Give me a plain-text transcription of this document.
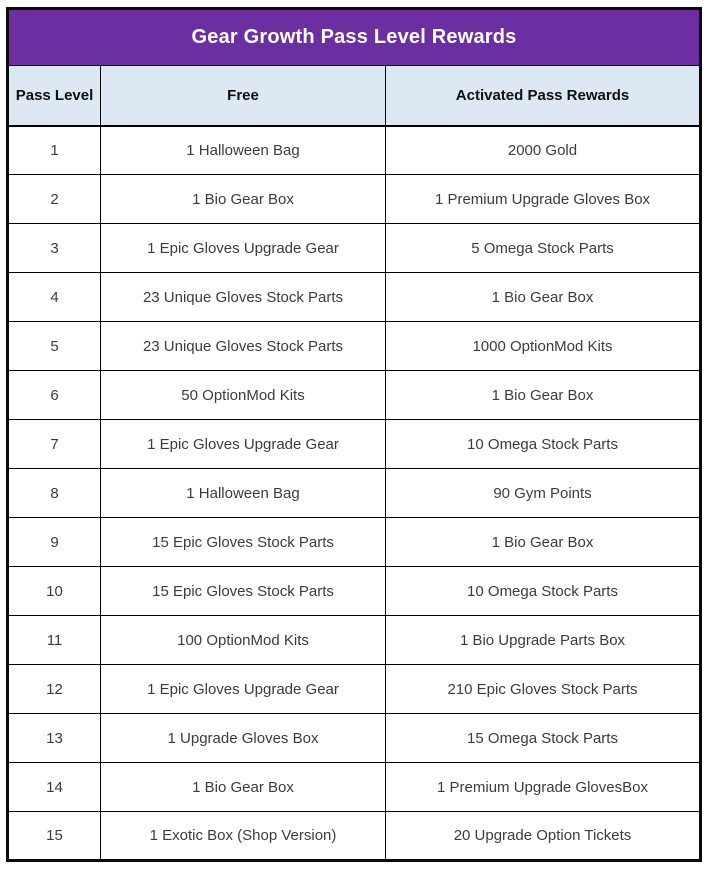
Gear Growth Pass Level Rewards		
Pass Level	Free	Activated Pass Rewards
1	1 Halloween Bag	2000 Gold
2	1 Bio Gear Box	1 Premium Upgrade Gloves Box
3	1 Epic Gloves Upgrade Gear	5 Omega Stock Parts
4	23 Unique Gloves Stock Parts	1 Bio Gear Box
5	23 Unique Gloves Stock Parts	1000 OptionMod Kits
6	50 OptionMod Kits	1 Bio Gear Box
7	1 Epic Gloves Upgrade Gear	10 Omega Stock Parts
8	1 Halloween Bag	90 Gym Points
9	15 Epic Gloves Stock Parts	1 Bio Gear Box
10	15 Epic Gloves Stock Parts	10 Omega Stock Parts
11	100 OptionMod Kits	1 Bio Upgrade Parts Box
12	1 Epic Gloves Upgrade Gear	210 Epic Gloves Stock Parts
13	1 Upgrade Gloves Box	15 Omega Stock Parts
14	1 Bio Gear Box	1 Premium Upgrade GlovesBox
15	1 Exotic Box (Shop Version)	20 Upgrade Option Tickets
